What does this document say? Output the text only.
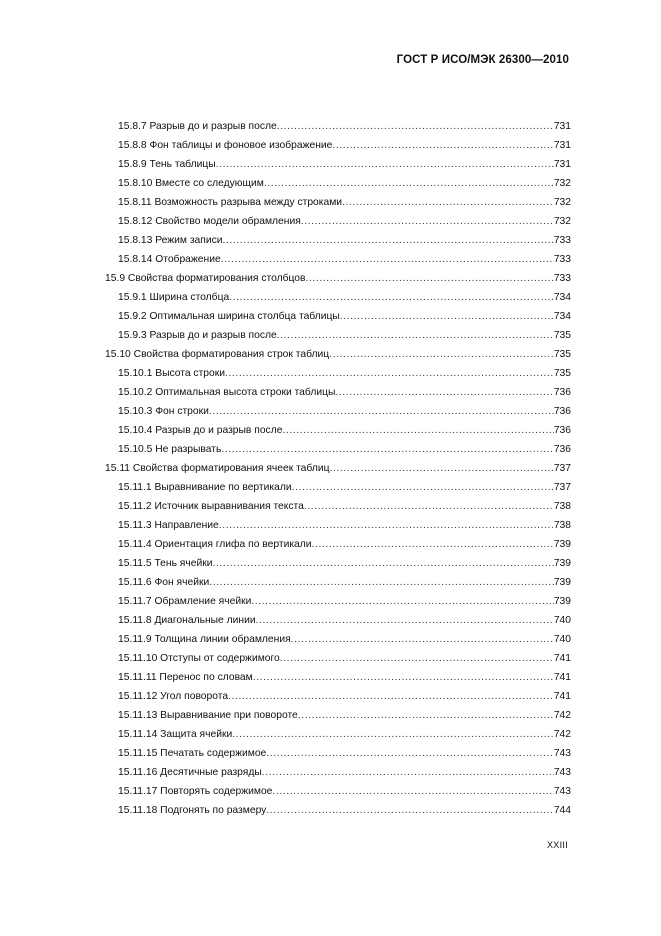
ГОСТ Р ИСО/МЭК 26300—2010
15.8.7 Разрыв до и разрыв после .....	731
15.8.8 Фон таблицы и фоновое изображение .....	731
15.8.9 Тень таблицы .....	731
15.8.10 Вместе со следующим .....	732
15.8.11 Возможность разрыва между строками .....	732
15.8.12 Свойство модели обрамления .....	732
15.8.13 Режим записи .....	733
15.8.14 Отображение .....	733
15.9 Свойства форматирования столбцов .....	733
15.9.1 Ширина столбца .....	734
15.9.2 Оптимальная ширина столбца таблицы .....	734
15.9.3 Разрыв до и разрыв после .....	735
15.10 Свойства форматирования строк таблиц .....	735
15.10.1 Высота строки .....	735
15.10.2 Оптимальная высота строки таблицы .....	736
15.10.3 Фон строки .....	736
15.10.4 Разрыв до и разрыв после .....	736
15.10.5 Не разрывать .....	736
15.11 Свойства форматирования ячеек таблиц .....	737
15.11.1 Выравнивание по вертикали .....	737
15.11.2 Источник выравнивания текста .....	738
15.11.3 Направление .....	738
15.11.4 Ориентация глифа по вертикали .....	739
15.11.5 Тень ячейки .....	739
15.11.6 Фон ячейки .....	739
15.11.7 Обрамление ячейки .....	739
15.11.8 Диагональные линии .....	740
15.11.9 Толщина линии обрамления .....	740
15.11.10 Отступы от содержимого .....	741
15.11.11 Перенос по словам .....	741
15.11.12 Угол поворота .....	741
15.11.13 Выравнивание при повороте .....	742
15.11.14 Защита ячейки .....	742
15.11.15 Печатать содержимое .....	743
15.11.16 Десятичные разряды .....	743
15.11.17 Повторять содержимое .....	743
15.11.18 Подгонять по размеру .....	744
XXIII
